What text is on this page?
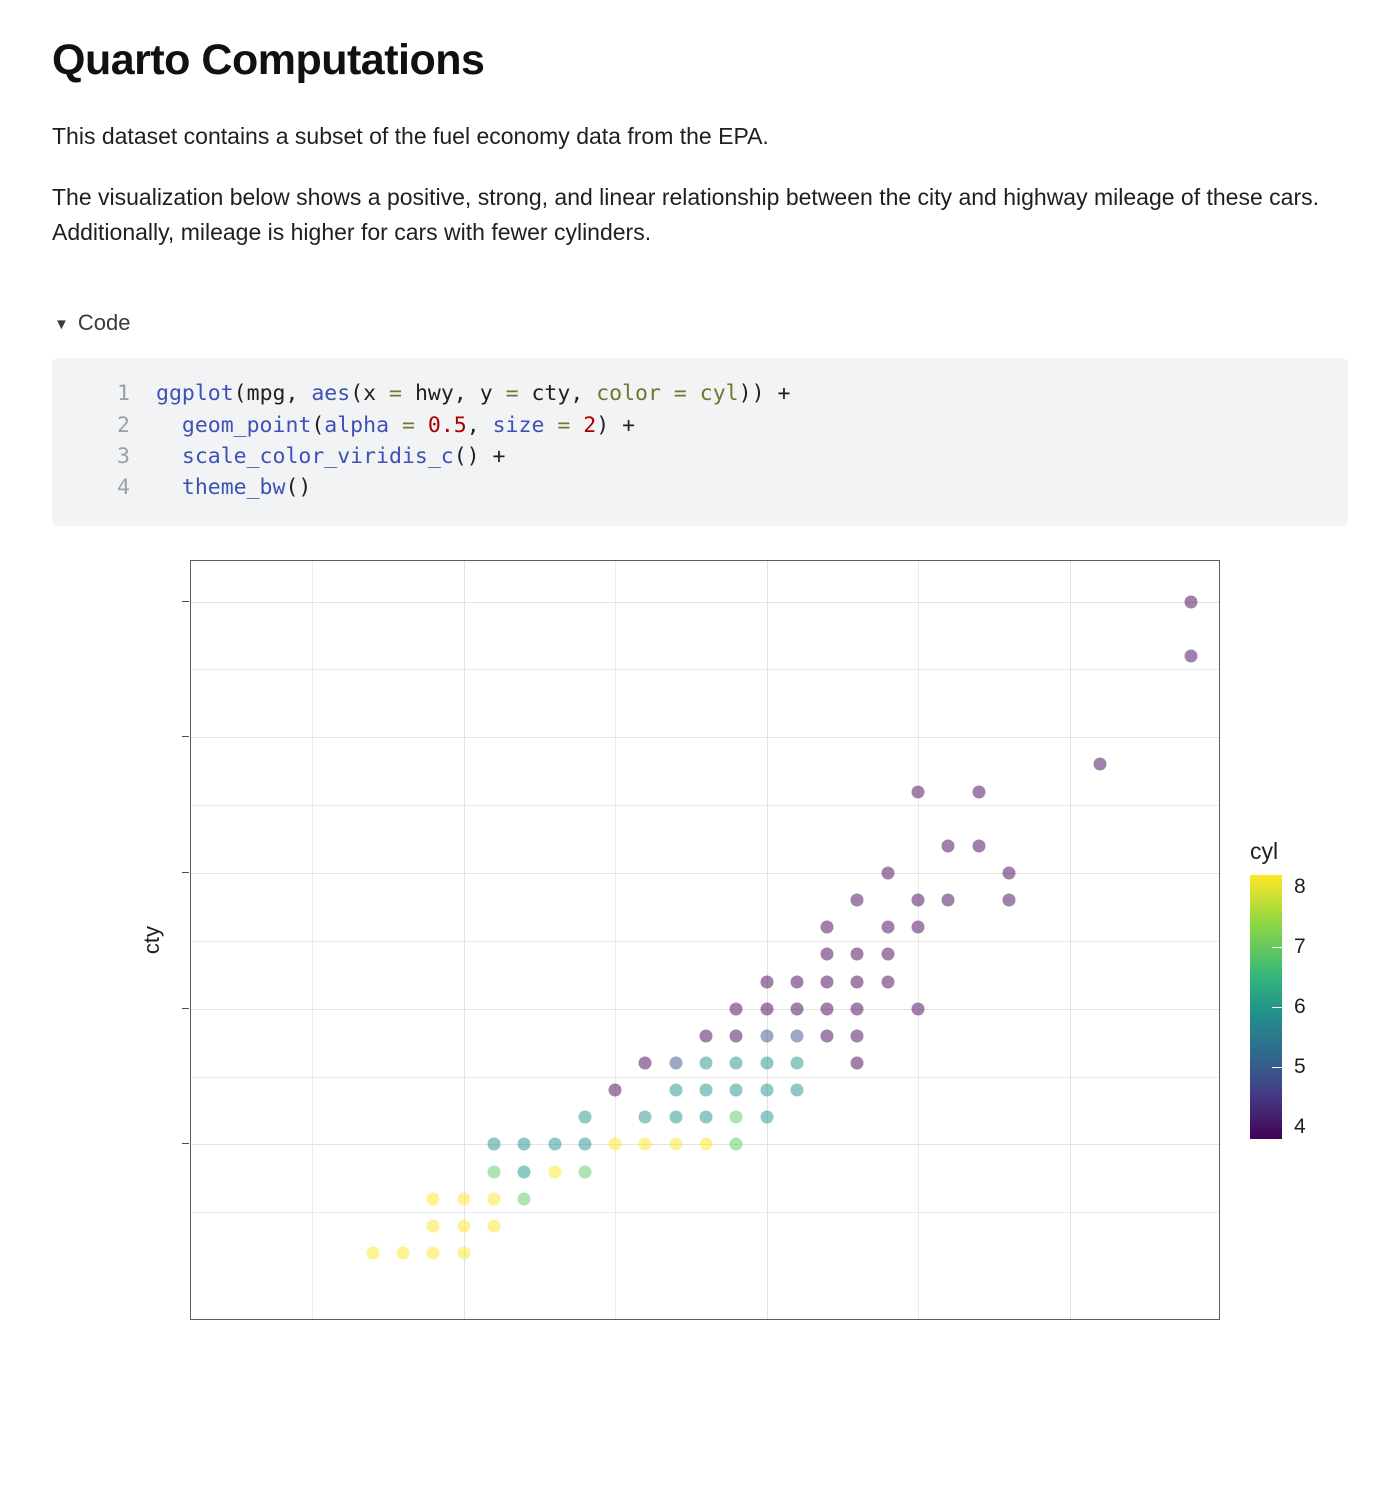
Quarto Computations

This dataset contains a subset of the fuel economy data from the EPA.

The visualization below shows a positive, strong, and linear relationship between the city and highway mileage of these cars. Additionally, mileage is higher for cars with fewer cylinders.

▼ Code
1	ggplot(mpg, aes(x = hwy, y = cty, color = cyl)) +
2	geom_point(alpha = 0.5, size = 2) +
3	scale_color_viridis_c() +
4	theme_bw()
cty
cyl
8
7
6
5
4
